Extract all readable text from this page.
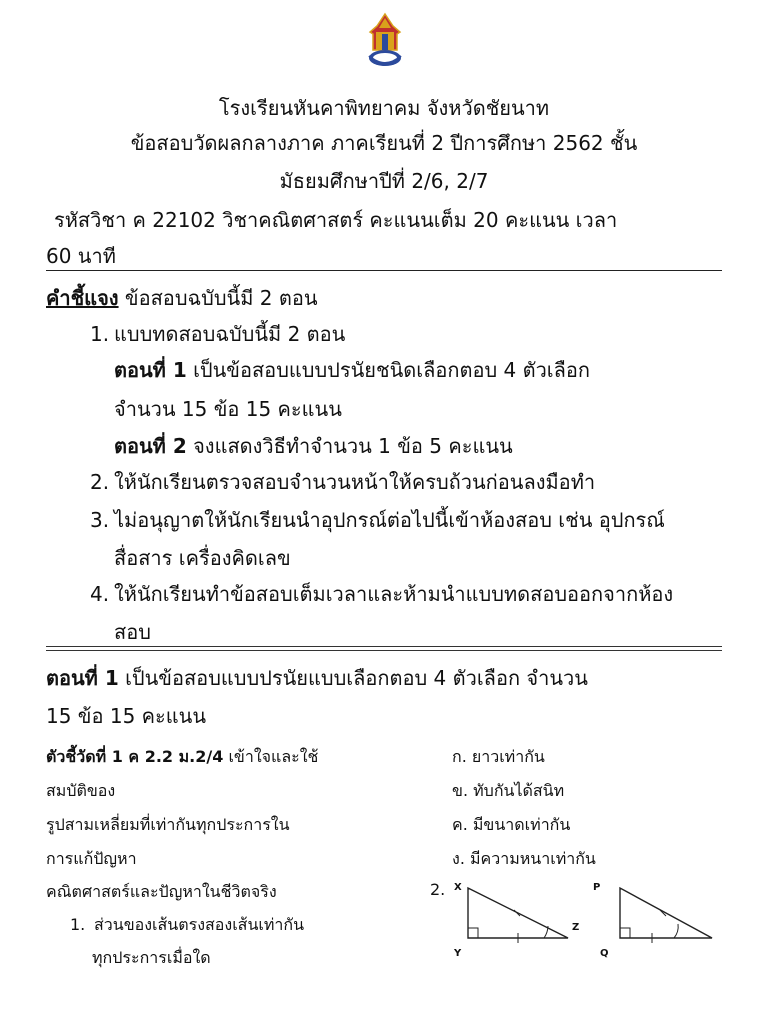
โรงเรียนหันคาพิทยาคม จังหวัดชัยนาท
ข้อสอบวัดผลกลางภาค ภาคเรียนที่ 2 ปีการศึกษา 2562 ชั้น
มัธยมศึกษาปีที่ 2/6, 2/7
รหัสวิชา ค 22102 วิชาคณิตศาสตร์ คะแนนเต็ม 20 คะแนน เวลา
60 นาที
คำชี้แจง ข้อสอบฉบับนี้มี 2 ตอน
1. แบบทดสอบฉบับนี้มี 2 ตอน
ตอนที่ 1 เป็นข้อสอบแบบปรนัยชนิดเลือกตอบ 4 ตัวเลือก
จำนวน 15 ข้อ 15 คะแนน
ตอนที่ 2 จงแสดงวิธีทำจำนวน 1 ข้อ 5 คะแนน
2. ให้นักเรียนตรวจสอบจำนวนหน้าให้ครบถ้วนก่อนลงมือทำ
3. ไม่อนุญาตให้นักเรียนนำอุปกรณ์ต่อไปนี้เข้าห้องสอบ เช่น อุปกรณ์
สื่อสาร เครื่องคิดเลข
4. ให้นักเรียนทำข้อสอบเต็มเวลาและห้ามนำแบบทดสอบออกจากห้อง
สอบ
ตอนที่ 1 เป็นข้อสอบแบบปรนัยแบบเลือกตอบ 4 ตัวเลือก จำนวน
15 ข้อ 15 คะแนน
ตัวชี้วัดที่ 1 ค 2.2 ม.2/4 เข้าใจและใช้
สมบัติของ
รูปสามเหลี่ยมที่เท่ากันทุกประการใน
การแก้ปัญหา
คณิตศาสตร์และปัญหาในชีวิตจริง
1. ส่วนของเส้นตรงสองเส้นเท่ากัน
ทุกประการเมื่อใด
ก. ยาวเท่ากัน
ข. ทับกันได้สนิท
ค. มีขนาดเท่ากัน
ง. มีความหนาเท่ากัน
2. X
Y
Z
P
Q
